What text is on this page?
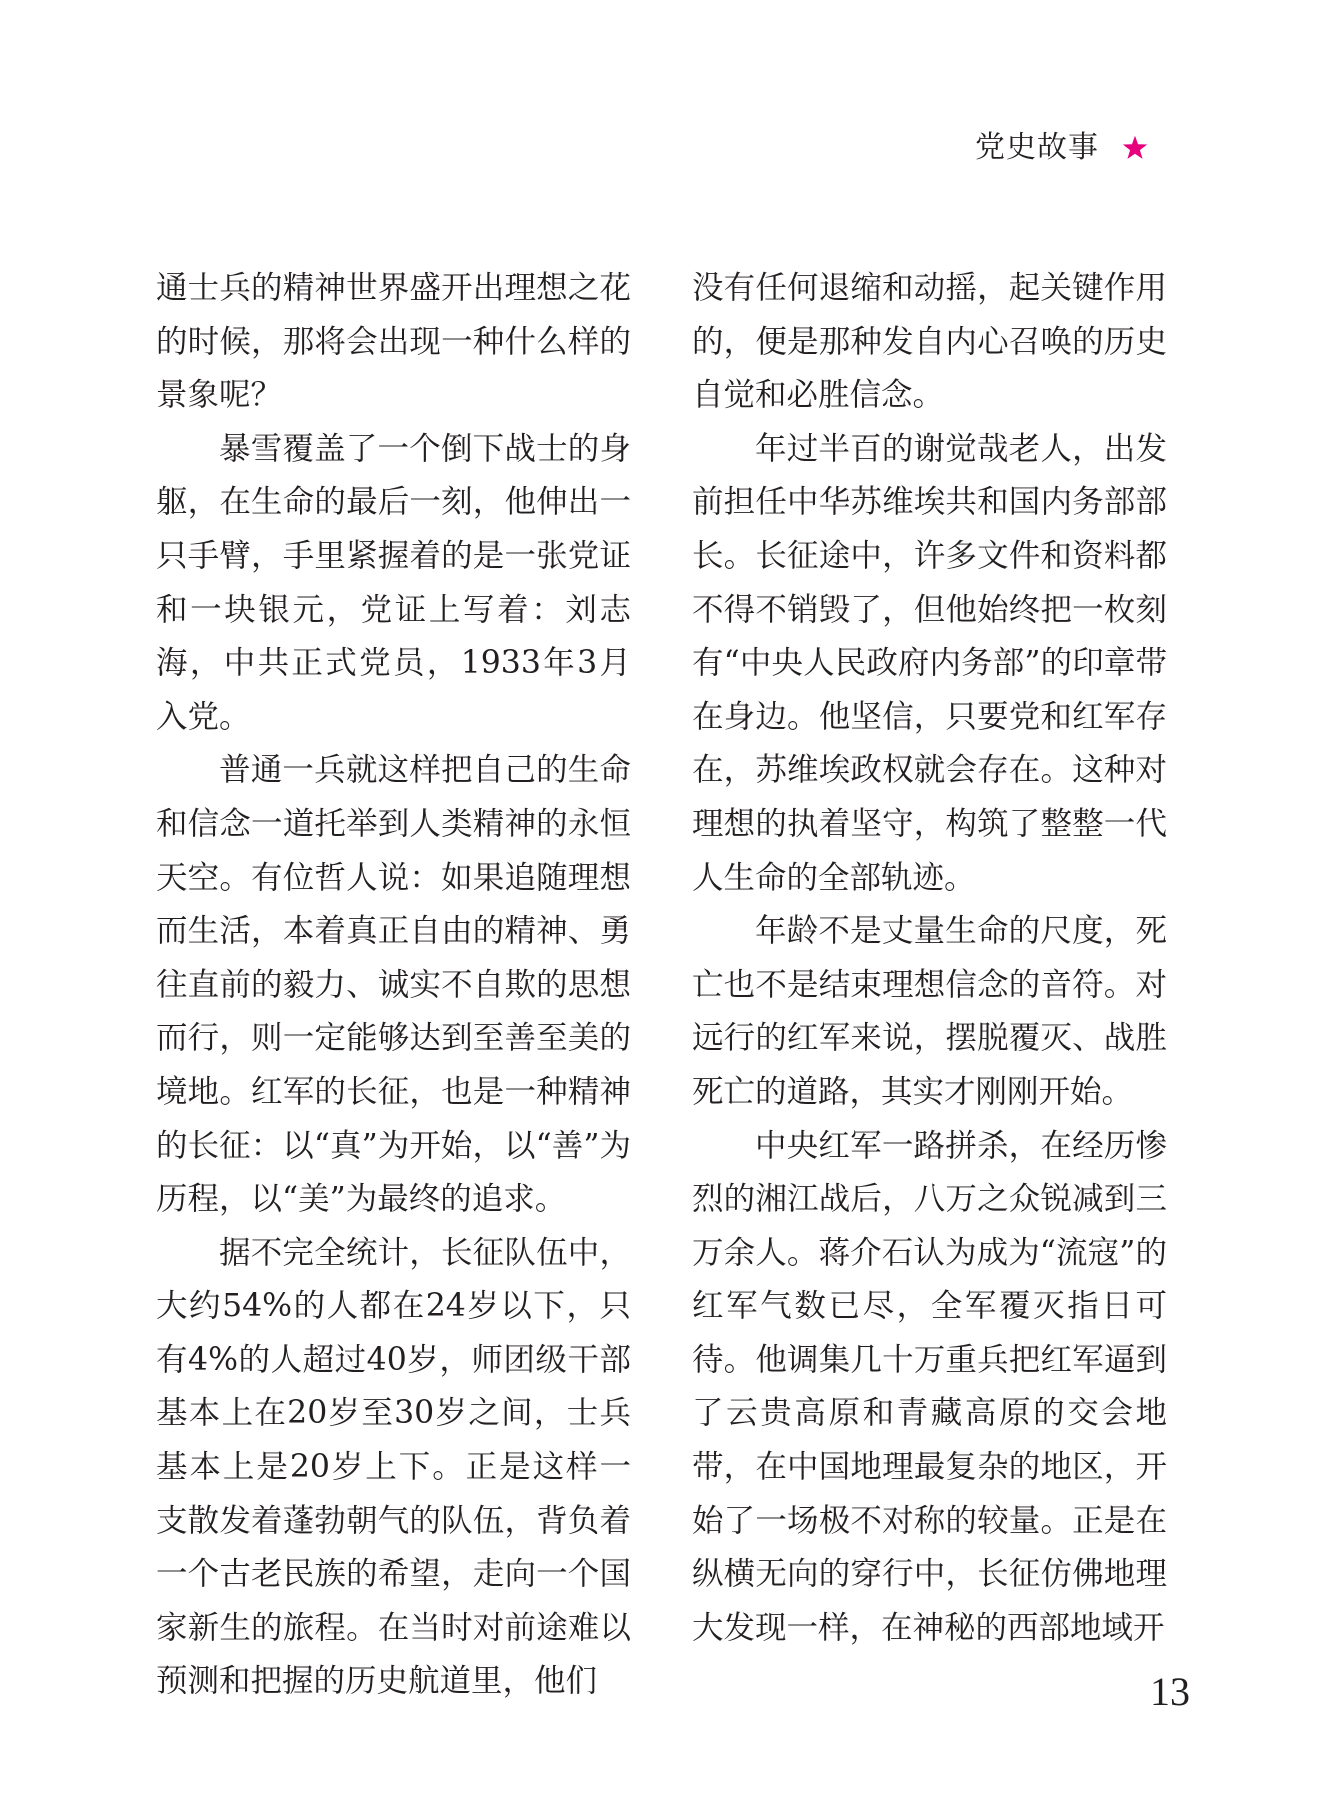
党史故事

通士兵的精神世界盛开出理想之花的时候，那将会出现一种什么样的景象呢？

暴雪覆盖了一个倒下战士的身躯，在生命的最后一刻，他伸出一只手臂，手里紧握着的是一张党证和一块银元，党证上写着：刘志海，中共正式党员，1933年3月入党。

普通一兵就这样把自己的生命和信念一道托举到人类精神的永恒天空。有位哲人说：如果追随理想而生活，本着真正自由的精神、勇往直前的毅力、诚实不自欺的思想而行，则一定能够达到至善至美的境地。红军的长征，也是一种精神的长征：以“真”为开始，以“善”为历程，以“美”为最终的追求。

据不完全统计，长征队伍中，大约54%的人都在24岁以下，只有4%的人超过40岁，师团级干部基本上在20岁至30岁之间，士兵基本上是20岁上下。正是这样一支散发着蓬勃朝气的队伍，背负着一个古老民族的希望，走向一个国家新生的旅程。在当时对前途难以预测和把握的历史航道里，他们

没有任何退缩和动摇，起关键作用的，便是那种发自内心召唤的历史自觉和必胜信念。

年过半百的谢觉哉老人，出发前担任中华苏维埃共和国内务部部长。长征途中，许多文件和资料都不得不销毁了，但他始终把一枚刻有“中央人民政府内务部”的印章带在身边。他坚信，只要党和红军存在，苏维埃政权就会存在。这种对理想的执着坚守，构筑了整整一代人生命的全部轨迹。

年龄不是丈量生命的尺度，死亡也不是结束理想信念的音符。对远行的红军来说，摆脱覆灭、战胜死亡的道路，其实才刚刚开始。

中央红军一路拼杀，在经历惨烈的湘江战后，八万之众锐减到三万余人。蒋介石认为成为“流寇”的红军气数已尽，全军覆灭指日可待。他调集几十万重兵把红军逼到了云贵高原和青藏高原的交会地带，在中国地理最复杂的地区，开始了一场极不对称的较量。正是在纵横无向的穿行中，长征仿佛地理大发现一样，在神秘的西部地域开

13
